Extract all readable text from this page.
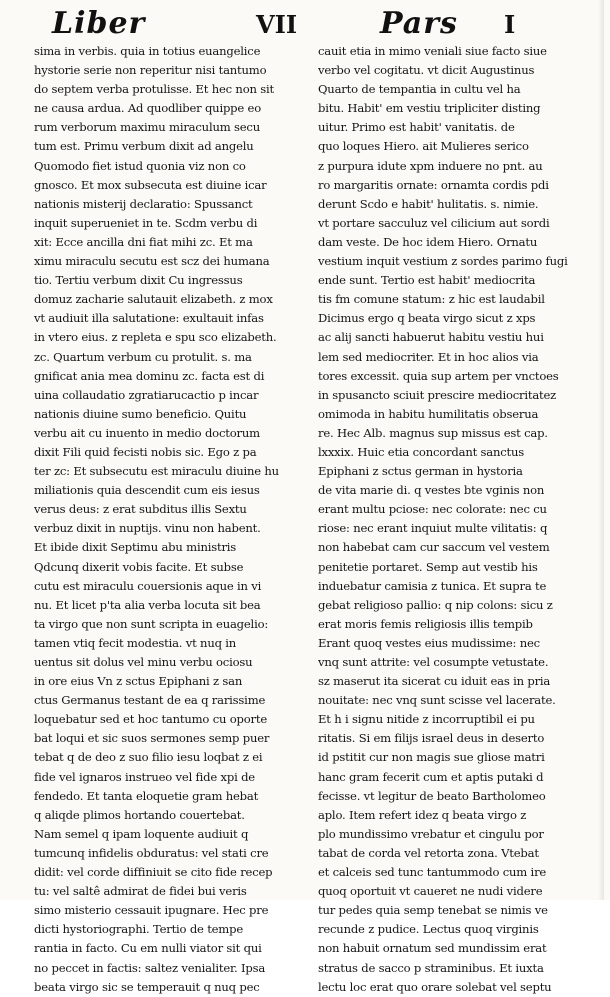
Liber	VII	Pars I
sima in verbis. quia in totius euangelice
hystorie serie non reperitur nisi tantumo
do septem verba protulisse. Et hec non sit
ne causa ardua. Ad quodliber quippe eo
rum verborum maximu miraculum secu
tum est. Primu verbum dixit ad angelu
Quomodo fiet istud quonia viz non co
gnosco. Et mox subsecuta est diuine icar
nationis misterij declaratio: Spussanct
inquit superueniet in te. Scdm verbu di
xit: Ecce ancilla dni fiat mihi zc. Et ma
ximu miraculu secutu est scz dei humana
tio. Tertiu verbum dixit Cu ingressus
domuz zacharie salutauit elizabeth. z mox
vt audiuit illa salutatione: exultauit infas
in vtero eius. z repleta e spu sco elizabeth.
zc. Quartum verbum cu protulit. s. ma
gnificat ania mea dominu zc. facta est di
uina collaudatio zgratiarucactio p incar
nationis diuine sumo beneficio. Quitu
verbu ait cu inuento in medio doctorum
dixit Fili quid fecisti nobis sic. Ego z pa
ter zc: Et subsecutu est miraculu diuine hu
miliationis quia descendit cum eis iesus
verus deus: z erat subditus illis Sextu
verbuz dixit in nuptijs. vinu non habent.
Et ibide dixit Septimu abu ministris
Qdcunq dixerit vobis facite. Et subse
cutu est miraculu couersionis aque in vi
nu. Et licet p'ta alia verba locuta sit bea
ta virgo que non sunt scripta in euagelio:
tamen vtiq fecit modestia. vt nuq in
uentus sit dolus vel minu verbu ociosu
in ore eius Vn z sctus Epiphani z san
ctus Germanus testant de ea q rarissime
loquebatur sed et hoc tantumo cu oporte
bat loqui et sic suos sermones semp puer
tebat q de deo z suo filio iesu loqbat z ei
fide vel ignaros instrueo vel fide xpi de
fendedo. Et tanta eloquetie gram hebat
q aliqde plimos hortando couertebat.
Nam semel q ipam loquente audiuit q
tumcunq infidelis obduratus: vel stati cre
didit: vel corde diffiniuit se cito fide recep
tu: vel saltê admirat de fidei bui veris
simo misterio cessauit ipugnare. Hec pre
dicti hystoriographi. Tertio de tempe
rantia in facto. Cu em nulli viator sit qui
no peccet in factis: saltez venialiter. Ipsa
beata virgo sic se temperauit q nuq pec
cauit etia in mimo veniali siue facto siue
verbo vel cogitatu. vt dicit Augustinus
Quarto de tempantia in cultu vel ha
bitu. Habit' em vestiu tripliciter disting
uitur. Primo est habit' vanitatis. de
quo loques Hiero. ait Mulieres serico
z purpura idute xpm induere no pnt. au
ro margaritis ornate: ornamta cordis pdi
derunt Scdo e habit' hulitatis. s. nimie.
vt portare sacculuz vel cilicium aut sordi
dam veste. De hoc idem Hiero. Ornatu
vestium inquit vestium z sordes parimo fugi
ende sunt. Tertio est habit' mediocrita
tis fm comune statum: z hic est laudabil
Dicimus ergo q beata virgo sicut z xps
ac alij sancti habuerut habitu vestiu hui
lem sed mediocriter. Et in hoc alios via
tores excessit. quia sup artem per vnctoes
in spusancto sciuit prescire mediocritatez
omimoda in habitu humilitatis obserua
re. Hec Alb. magnus sup missus est cap.
lxxxix. Huic etia concordant sanctus
Epiphani z sctus german in hystoria
de vita marie di. q vestes bte vginis non
erant multu pciose: nec colorate: nec cu
riose: nec erant inquiut multe vilitatis: q
non habebat cam cur saccum vel vestem
penitetie portaret. Semp aut vestib his
induebatur camisia z tunica. Et supra te
gebat religioso pallio: q nip colons: sicu z
erat moris femis religiosis illis tempib
Erant quoq vestes eius mudissime: nec
vnq sunt attrite: vel cosumpte vetustate.
sz maserut ita sicerat cu iduit eas in pria
nouitate: nec vnq sunt scisse vel lacerate.
Et h i signu nitide z incorruptibil ei pu
ritatis. Si em filijs israel deus in deserto
id pstitit cur non magis sue gliose matri
hanc gram fecerit cum et aptis putaki d
fecisse. vt legitur de beato Bartholomeo
aplo. Item refert idez q beata virgo z
plo mundissimo vrebatur et cingulu por
tabat de corda vel retorta zona. Vtebat
et calceis sed tunc tantummodo cum ire
quoq oportuit vt caueret ne nudi videre
tur pedes quia semp tenebat se nimis ve
recunde z pudice. Lectus quoq virginis
non habuit ornatum sed mundissim erat
stratus de sacco p straminibus. Et iuxta
lectu loc erat quo orare solebat vel septu
